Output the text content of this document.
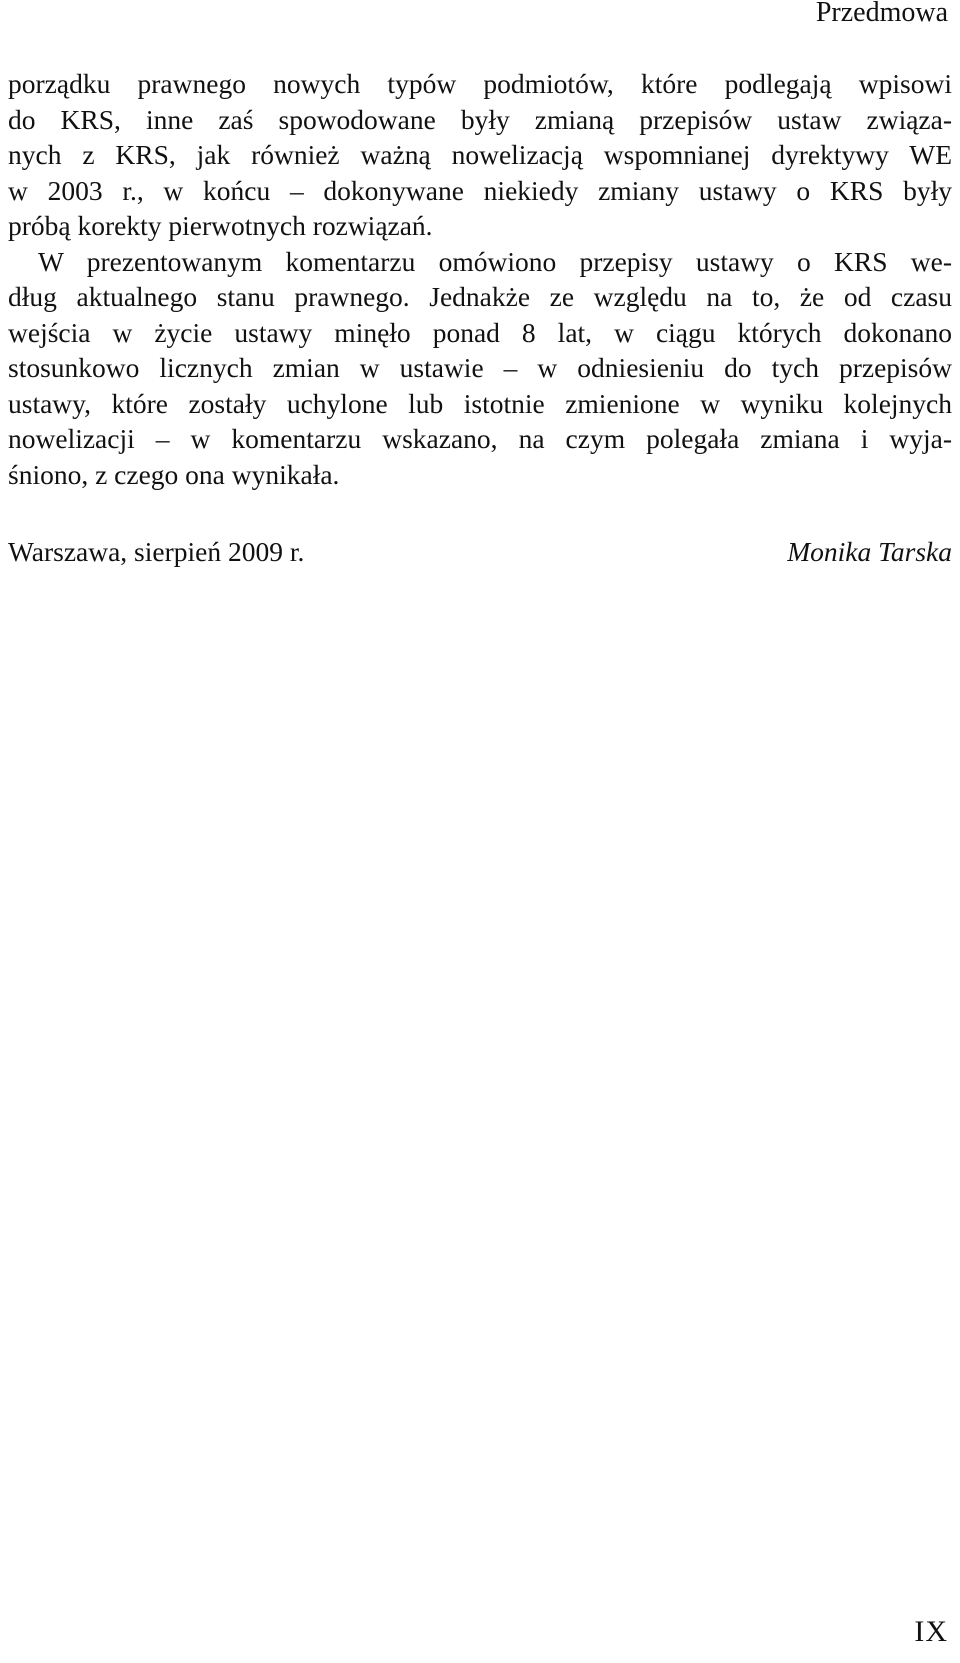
Przedmowa
porządku prawnego nowych typów podmiotów, które podlegają wpisowi
do KRS, inne zaś spowodowane były zmianą przepisów ustaw związa-
nych z KRS, jak również ważną nowelizacją wspomnianej dyrektywy WE
w 2003 r., w końcu – dokonywane niekiedy zmiany ustawy o KRS były
próbą korekty pierwotnych rozwiązań.
W prezentowanym komentarzu omówiono przepisy ustawy o KRS we-
dług aktualnego stanu prawnego. Jednakże ze względu na to, że od czasu
wejścia w życie ustawy minęło ponad 8 lat, w ciągu których dokonano
stosunkowo licznych zmian w ustawie – w odniesieniu do tych przepisów
ustawy, które zostały uchylone lub istotnie zmienione w wyniku kolejnych
nowelizacji – w komentarzu wskazano, na czym polegała zmiana i wyja-
śniono, z czego ona wynikała.
Warszawa, sierpień 2009 r.	Monika Tarska
IX
